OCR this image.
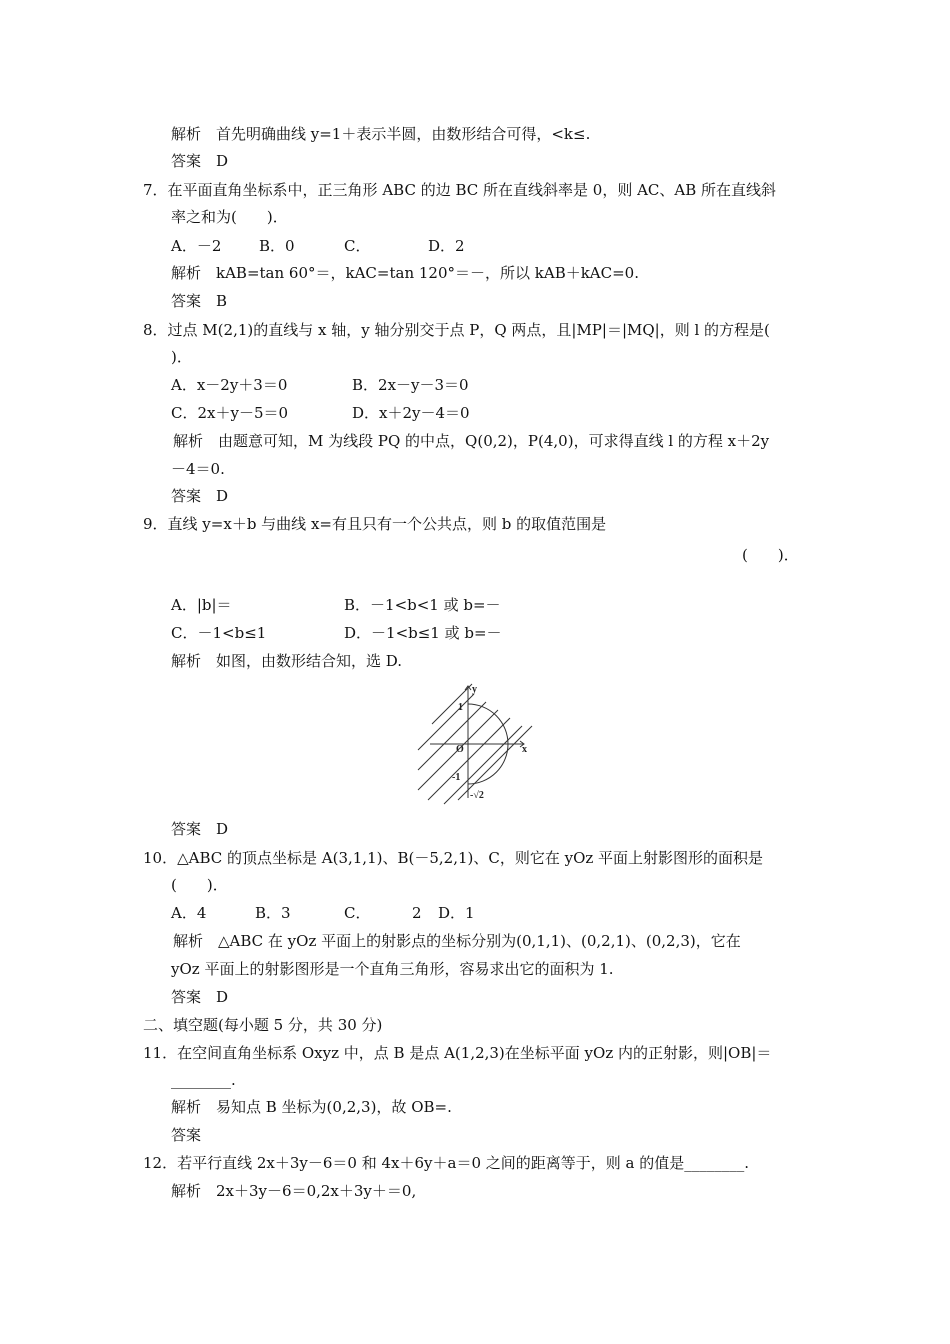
解析　首先明确曲线 y=1＋表示半圆，由数形结合可得，<k≤.
答案　D
7．在平面直角坐标系中，正三角形 ABC 的边 BC 所在直线斜率是 0，则 AC、AB 所在直线斜
率之和为(　　)．
A．－2	B．0	C．	D．2
解析　kAB=tan 60°＝，kAC=tan 120°＝－，所以 kAB＋kAC=0.
答案　B
8．过点 M(2,1)的直线与 x 轴，y 轴分别交于点 P，Q 两点，且|MP|＝|MQ|，则 l 的方程是(
)．
A．x－2y＋3＝0	B．2x－y－3＝0
C．2x＋y－5＝0	D．x＋2y－4＝0
解析　由题意可知，M 为线段 PQ 的中点，Q(0,2)，P(4,0)，可求得直线 l 的方程 x＋2y
－4＝0.
答案　D
9．直线 y=x＋b 与曲线 x=有且只有一个公共点，则 b 的取值范围是
(　　)．
A．|b|＝	B．－1<b<1 或 b=－
C．－1<b≤1	D．－1<b≤1 或 b=－
解析　如图，由数形结合知，选 D.
y
x
1
O
-1
-√2
答案　D
10．△ABC 的顶点坐标是 A(3,1,1)、B(－5,2,1)、C，则它在 yOz 平面上射影图形的面积是
(　　)．
A．4	B．3	C．	2 D．1
解析　△ABC 在 yOz 平面上的射影点的坐标分别为(0,1,1)、(0,2,1)、(0,2,3)，它在
yOz 平面上的射影图形是一个直角三角形，容易求出它的面积为 1.
答案　D
二、填空题(每小题 5 分，共 30 分)
11．在空间直角坐标系 Oxyz 中，点 B 是点 A(1,2,3)在坐标平面 yOz 内的正射影，则|OB|＝
________.
解析　易知点 B 坐标为(0,2,3)，故 OB=.
答案
12．若平行直线 2x＋3y－6＝0 和 4x＋6y＋a＝0 之间的距离等于，则 a 的值是________.
解析　2x＋3y－6＝0,2x＋3y＋＝0,
